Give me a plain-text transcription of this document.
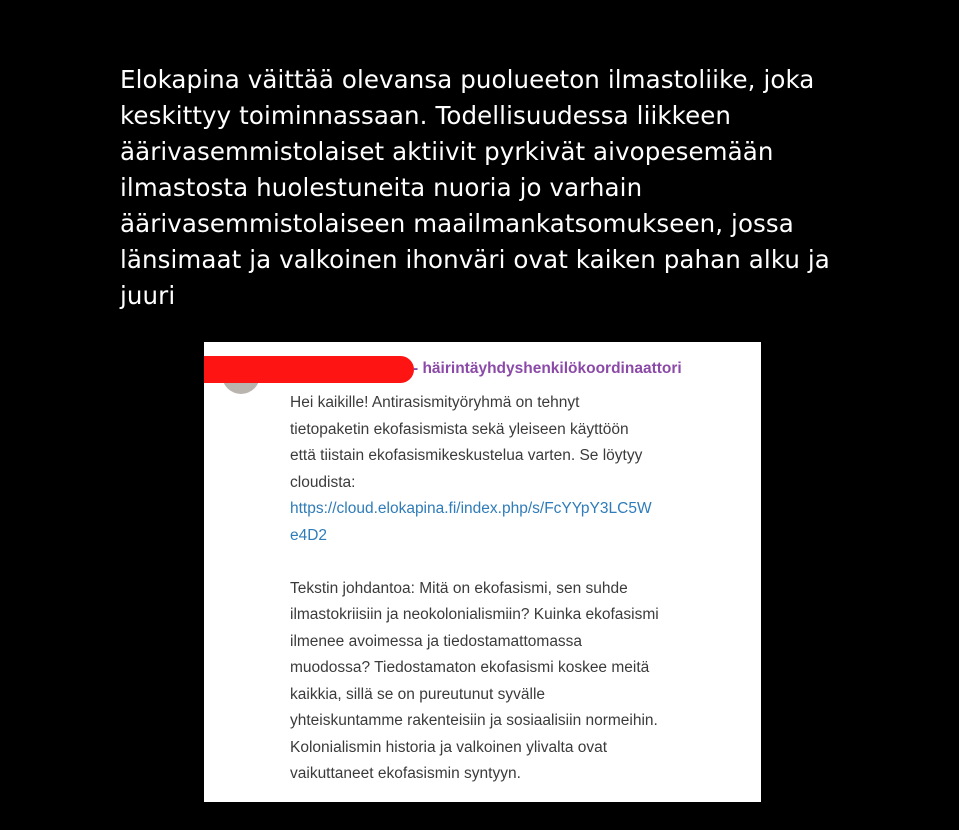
Elokapina väittää olevansa puolueeton ilmastoliike, joka
keskittyy toiminnassaan. Todellisuudessa liikkeen
äärivasemmistolaiset aktiivit pyrkivät aivopesemään
ilmastosta huolestuneita nuoria jo varhain
äärivasemmistolaiseen maailmankatsomukseen, jossa
länsimaat ja valkoinen ihonväri ovat kaiken pahan alku ja
juuri

- häirintäyhdyshenkilökoordinaattori

Hei kaikille! Antirasismityöryhmä on tehnyt
tietopaketin ekofasismista sekä yleiseen käyttöön
että tiistain ekofasismikeskustelua varten. Se löytyy
cloudista:

https://cloud.elokapina.fi/index.php/s/FcYYpY3LC5W
e4D2

Tekstin johdantoa: Mitä on ekofasismi, sen suhde
ilmastokriisiin ja neokolonialismiin? Kuinka ekofasismi
ilmenee avoimessa ja tiedostamattomassa
muodossa? Tiedostamaton ekofasismi koskee meitä
kaikkia, sillä se on pureutunut syvälle
yhteiskuntamme rakenteisiin ja sosiaalisiin normeihin.
Kolonialismin historia ja valkoinen ylivalta ovat
vaikuttaneet ekofasismin syntyyn.
